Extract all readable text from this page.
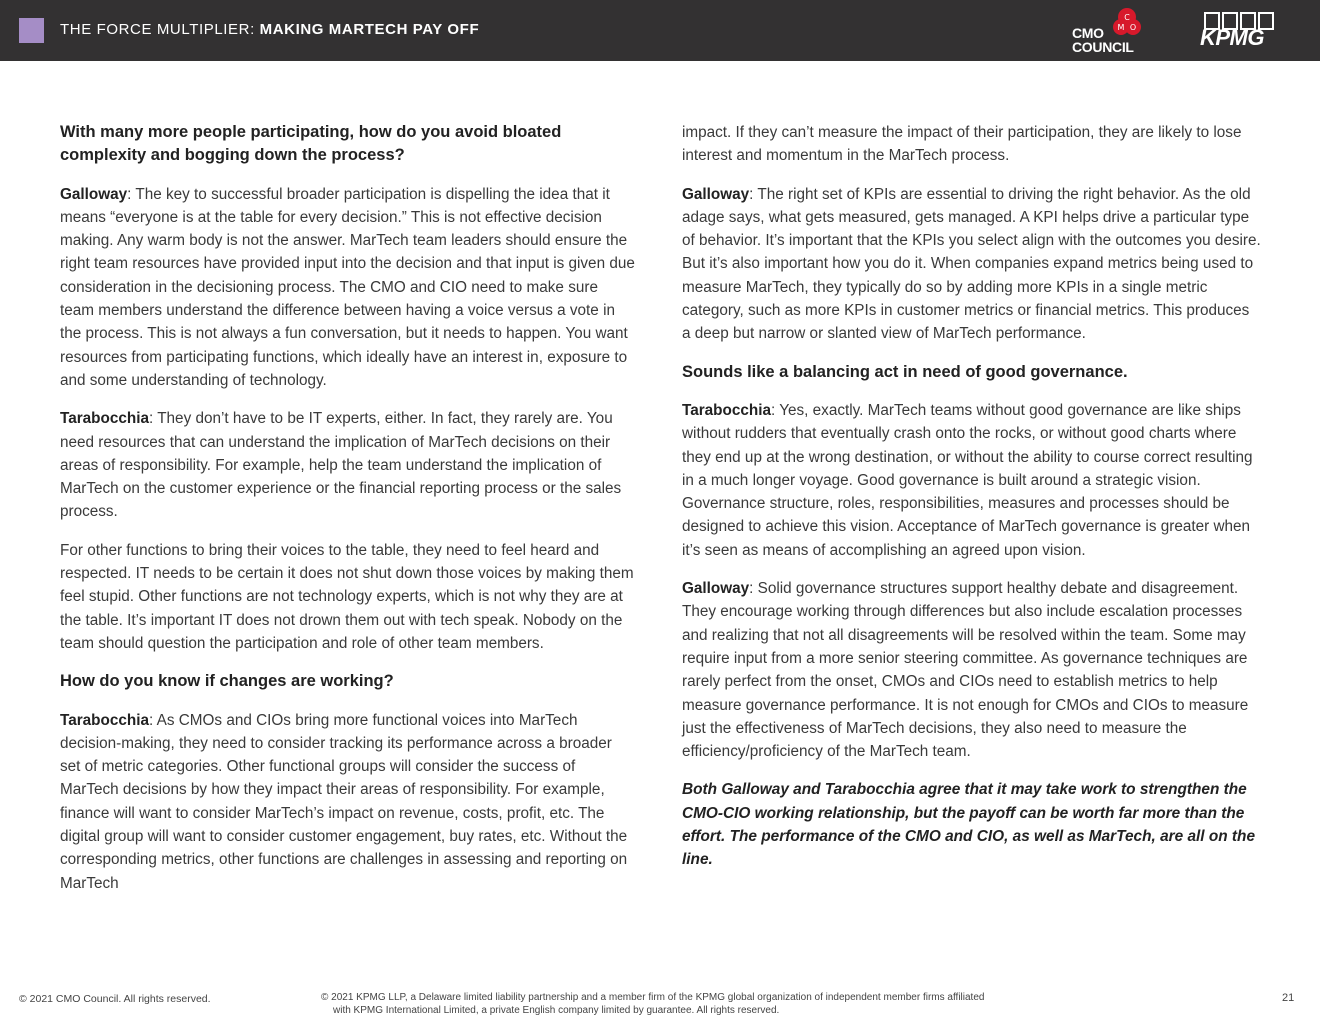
THE FORCE MULTIPLIER: MAKING MARTECH PAY OFF
C
M O
CMO
COUNCIL	KPMG
With many more people participating, how do you avoid bloated complexity and bogging down the process?

Galloway: The key to successful broader participation is dispelling the idea that it means “everyone is at the table for every decision.” This is not effective decision making. Any warm body is not the answer. MarTech team leaders should ensure the right team resources have provided input into the decision and that input is given due consideration in the decisioning process. The CMO and CIO need to make sure team members understand the difference between having a voice versus a vote in the process. This is not always a fun conversation, but it needs to happen. You want resources from participating functions, which ideally have an interest in, exposure to and some understanding of technology.

Tarabocchia: They don’t have to be IT experts, either. In fact, they rarely are. You need resources that can understand the implication of MarTech decisions on their areas of responsibility. For example, help the team understand the implication of MarTech on the customer experience or the financial reporting process or the sales process.

For other functions to bring their voices to the table, they need to feel heard and respected. IT needs to be certain it does not shut down those voices by making them feel stupid. Other functions are not technology experts, which is not why they are at the table. It’s important IT does not drown them out with tech speak. Nobody on the team should question the participation and role of other team members.

How do you know if changes are working?

Tarabocchia: As CMOs and CIOs bring more functional voices into MarTech decision-making, they need to consider tracking its performance across a broader set of metric categories. Other functional groups will consider the success of MarTech decisions by how they impact their areas of responsibility. For example, finance will want to consider MarTech’s impact on revenue, costs, profit, etc. The digital group will want to consider customer engagement, buy rates, etc. Without the corresponding metrics, other functions are challenges in assessing and reporting on MarTech

impact. If they can’t measure the impact of their participation, they are likely to lose interest and momentum in the MarTech process.

Galloway: The right set of KPIs are essential to driving the right behavior. As the old adage says, what gets measured, gets managed. A KPI helps drive a particular type of behavior. It’s important that the KPIs you select align with the outcomes you desire. But it’s also important how you do it. When companies expand metrics being used to measure MarTech, they typically do so by adding more KPIs in a single metric category, such as more KPIs in customer metrics or financial metrics. This produces a deep but narrow or slanted view of MarTech performance.

Sounds like a balancing act in need of good governance.

Tarabocchia: Yes, exactly. MarTech teams without good governance are like ships without rudders that eventually crash onto the rocks, or without good charts where they end up at the wrong destination, or without the ability to course correct resulting in a much longer voyage. Good governance is built around a strategic vision. Governance structure, roles, responsibilities, measures and processes should be designed to achieve this vision. Acceptance of MarTech governance is greater when it’s seen as means of accomplishing an agreed upon vision.

Galloway: Solid governance structures support healthy debate and disagreement. They encourage working through differences but also include escalation processes and realizing that not all disagreements will be resolved within the team. Some may require input from a more senior steering committee. As governance techniques are rarely perfect from the onset, CMOs and CIOs need to establish metrics to help measure governance performance. It is not enough for CMOs and CIOs to measure just the effectiveness of MarTech decisions, they also need to measure the efficiency/proficiency of the MarTech team.

Both Galloway and Tarabocchia agree that it may take work to strengthen the CMO-CIO working relationship, but the payoff can be worth far more than the effort. The performance of the CMO and CIO, as well as MarTech, are all on the line.

© 2021 CMO Council. All rights reserved.	© 2021 KPMG LLP, a Delaware limited liability partnership and a member firm of the KPMG global organization of independent member firms affiliated
with KPMG International Limited, a private English company limited by guarantee. All rights reserved.
21
